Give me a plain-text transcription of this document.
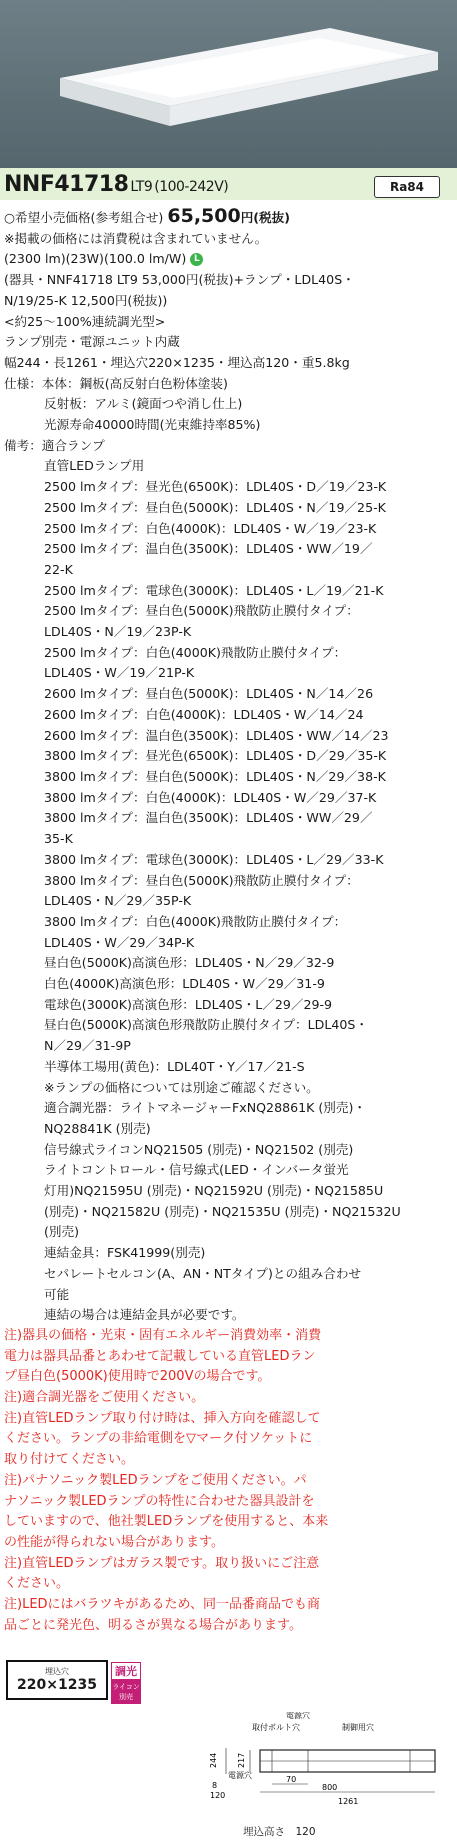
NNF41718 LT9 (100-242V)	Ra84
○希望小売価格(参考組合せ) 65,500円(税抜)
※掲載の価格には消費税は含まれていません。
(2300 lm)(23W)(100.0 lm/W) L
(器具・NNF41718 LT9 53,000円(税抜)+ランプ・LDL40S・
N/19/25-K 12,500円(税抜))
<約25～100%連続調光型>
ランプ別売・電源ユニット内蔵
幅244・長1261・埋込穴220×1235・埋込高120・重5.8kg
仕様：本体：鋼板(高反射白色粉体塗装)
反射板：アルミ(鏡面つや消し仕上)
光源寿命40000時間(光束維持率85%)
備考：適合ランプ
直管LEDランプ用
2500 lmタイプ：昼光色(6500K)：LDL40S・D／19／23-K
2500 lmタイプ：昼白色(5000K)：LDL40S・N／19／25-K
2500 lmタイプ：白色(4000K)：LDL40S・W／19／23-K
2500 lmタイプ：温白色(3500K)：LDL40S・WW／19／
22-K
2500 lmタイプ：電球色(3000K)：LDL40S・L／19／21-K
2500 lmタイプ：昼白色(5000K)飛散防止膜付タイプ：
LDL40S・N／19／23P-K
2500 lmタイプ：白色(4000K)飛散防止膜付タイプ：
LDL40S・W／19／21P-K
2600 lmタイプ：昼白色(5000K)：LDL40S・N／14／26
2600 lmタイプ：白色(4000K)：LDL40S・W／14／24
2600 lmタイプ：温白色(3500K)：LDL40S・WW／14／23
3800 lmタイプ：昼光色(6500K)：LDL40S・D／29／35-K
3800 lmタイプ：昼白色(5000K)：LDL40S・N／29／38-K
3800 lmタイプ：白色(4000K)：LDL40S・W／29／37-K
3800 lmタイプ：温白色(3500K)：LDL40S・WW／29／
35-K
3800 lmタイプ：電球色(3000K)：LDL40S・L／29／33-K
3800 lmタイプ：昼白色(5000K)飛散防止膜付タイプ：
LDL40S・N／29／35P-K
3800 lmタイプ：白色(4000K)飛散防止膜付タイプ：
LDL40S・W／29／34P-K
昼白色(5000K)高演色形：LDL40S・N／29／32-9
白色(4000K)高演色形：LDL40S・W／29／31-9
電球色(3000K)高演色形：LDL40S・L／29／29-9
昼白色(5000K)高演色形飛散防止膜付タイプ：LDL40S・
N／29／31-9P
半導体工場用(黄色)：LDL40T・Y／17／21-S
※ランプの価格については別途ご確認ください。
適合調光器：ライトマネージャーFxNQ28861K (別売)・
NQ28841K (別売)
信号線式ライコンNQ21505 (別売)・NQ21502 (別売)
ライトコントロール・信号線式(LED・インバータ蛍光
灯用)NQ21595U (別売)・NQ21592U (別売)・NQ21585U
(別売)・NQ21582U (別売)・NQ21535U (別売)・NQ21532U
(別売)
連結金具：FSK41999(別売)
セパレートセルコン(A、AN・NTタイプ)との組み合わせ
可能
連結の場合は連結金具が必要です。
注)器具の価格・光束・固有エネルギー消費効率・消費
電力は器具品番とあわせて記載している直管LEDラン
プ昼白色(5000K)使用時で200Vの場合です。
注)適合調光器をご使用ください。
注)直管LEDランプ取り付け時は、挿入方向を確認して
ください。ランプの非給電側を▽マーク付ソケットに
取り付けてください。
注)パナソニック製LEDランプをご使用ください。パ
ナソニック製LEDランプの特性に合わせた器具設計を
していますので、他社製LEDランプを使用すると、本来
の性能が得られない場合があります。
注)直管LEDランプはガラス製です。取り扱いにご注意
ください。
注)LEDにはバラツキがあるため、同一品番商品でも商
品ごとに発光色、明るさが異なる場合があります。
埋込穴
220×1235
調光
ライコン別売
電源穴
取付ボルト穴	制御用穴
244 217
8
120
70
800
1261
電源穴
埋込高さ　120
